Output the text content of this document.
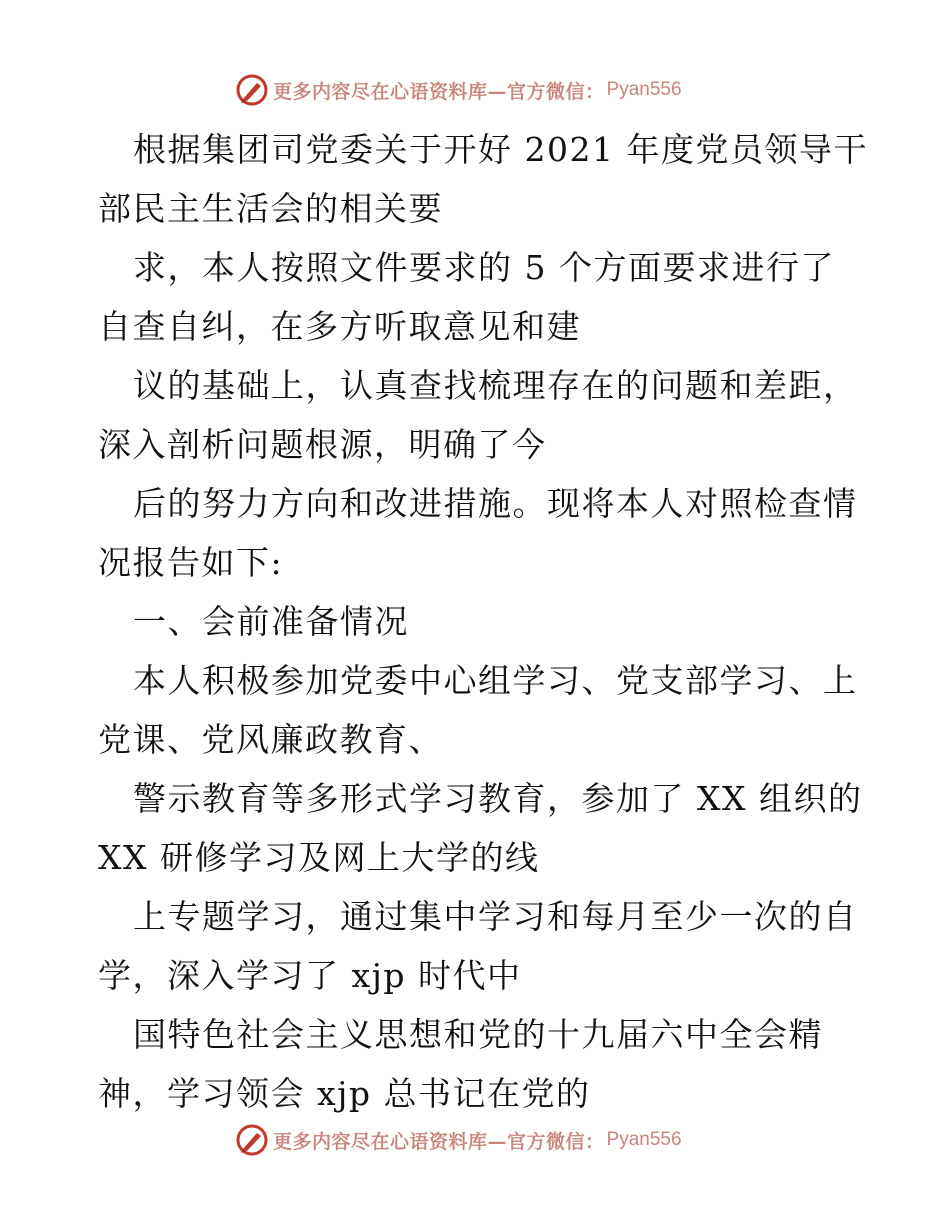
更多内容尽在心语资料库—官方微信： Pyan556
根据集团司党委关于开好 2021 年度党员领导干
部民主生活会的相关要
求，本人按照文件要求的 5 个方面要求进行了
自查自纠，在多方听取意见和建
议的基础上，认真查找梳理存在的问题和差距，
深入剖析问题根源，明确了今
后的努力方向和改进措施。现将本人对照检查情
况报告如下:
一、会前准备情况
本人积极参加党委中心组学习、党支部学习、上
党课、党风廉政教育、
警示教育等多形式学习教育，参加了 XX 组织的
XX 研修学习及网上大学的线
上专题学习，通过集中学习和每月至少一次的自
学，深入学习了 xjp 时代中
国特色社会主义思想和党的十九届六中全会精
神，学习领会 xjp 总书记在党的
更多内容尽在心语资料库—官方微信： Pyan556
